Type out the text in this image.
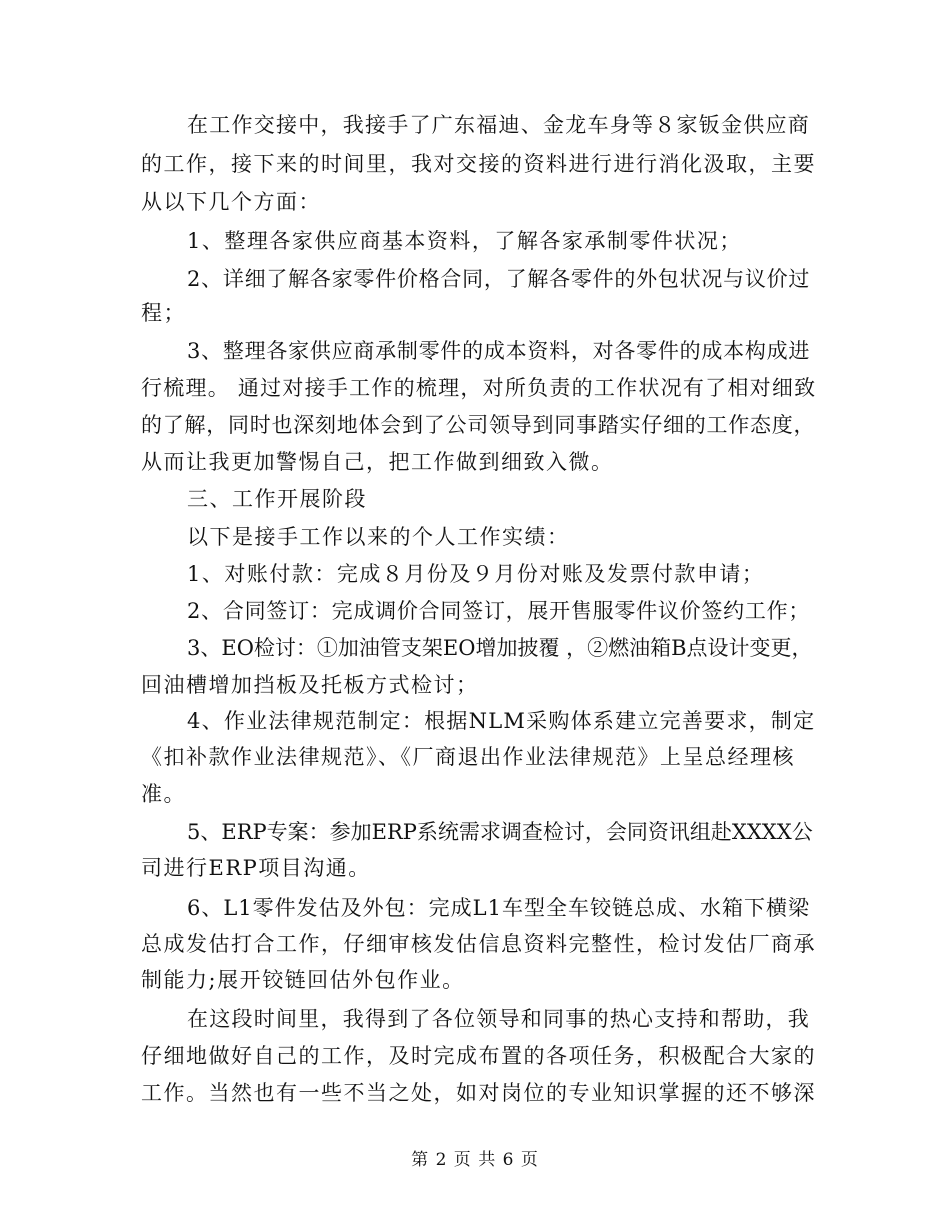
在工作交接中，我接手了广东福迪、金龙车身等８家钣金供应商
的工作，接下来的时间里，我对交接的资料进行进行消化汲取，主要
从以下几个方面：
1、整理各家供应商基本资料，了解各家承制零件状况；
2、详细了解各家零件价格合同，了解各零件的外包状况与议价过
程；
3、整理各家供应商承制零件的成本资料，对各零件的成本构成进
行梳理。 通过对接手工作的梳理，对所负责的工作状况有了相对细致
的了解，同时也深刻地体会到了公司领导到同事踏实仔细的工作态度，
从而让我更加警惕自己，把工作做到细致入微。
三、工作开展阶段
以下是接手工作以来的个人工作实绩：
1、对账付款：完成８月份及９月份对账及发票付款申请；
2、合同签订：完成调价合同签订，展开售服零件议价签约工作；
3、EO检讨：①加油管支架EO增加披覆 ，②燃油箱B点设计变更，
回油槽增加挡板及托板方式检讨；
4、作业法律规范制定：根据NLM采购体系建立完善要求，制定
《扣补款作业法律规范》、《厂商退出作业法律规范》上呈总经理核
准。
5、ERP专案：参加ERP系统需求调查检讨，会同资讯组赴XXXX公
司进行ERP项目沟通。
6、L1零件发估及外包：完成L1车型全车铰链总成、水箱下横梁
总成发估打合工作，仔细审核发估信息资料完整性，检讨发估厂商承
制能力;展开铰链回估外包作业。
在这段时间里，我得到了各位领导和同事的热心支持和帮助，我
仔细地做好自己的工作，及时完成布置的各项任务，积极配合大家的
工作。当然也有一些不当之处，如对岗位的专业知识掌握的还不够深
第 2 页 共 6 页
